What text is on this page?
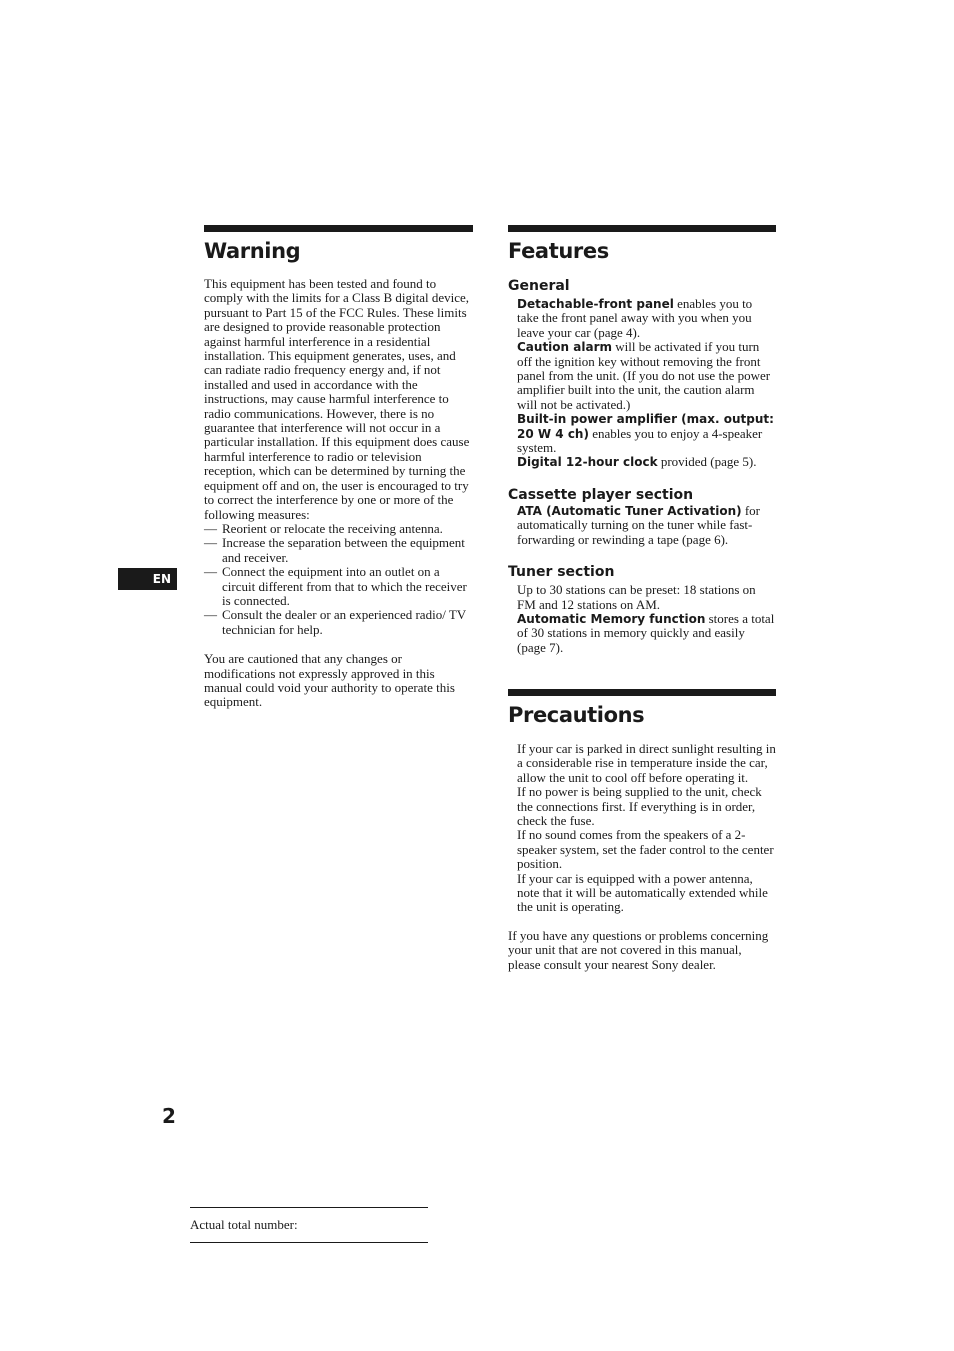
Warning

This equipment has been tested and found to comply with the limits for a Class B digital device, pursuant to Part 15 of the FCC Rules. These limits are designed to provide reasonable protection against harmful interference in a residential installation. This equipment generates, uses, and can radiate radio frequency energy and, if not installed and used in accordance with the instructions, may cause harmful interference to radio communications. However, there is no guarantee that interference will not occur in a particular installation. If this equipment does cause harmful interference to radio or television reception, which can be determined by turning the equipment off and on, the user is encouraged to try to correct the interference by one or more of the following measures:

— Reorient or relocate the receiving antenna.
— Increase the separation between the equipment and receiver.
— Connect the equipment into an outlet on a circuit different from that to which the receiver is connected.
— Consult the dealer or an experienced radio/ TV technician for help.

You are cautioned that any changes or modifications not expressly approved in this manual could void your authority to operate this equipment.

Features
General

Detachable-front panel enables you to take the front panel away with you when you leave your car (page 4).

Caution alarm will be activated if you turn off the ignition key without removing the front panel from the unit. (If you do not use the power amplifier built into the unit, the caution alarm will not be activated.)

Built-in power amplifier (max. output: 20 W 4 ch) enables you to enjoy a 4-speaker system.

Digital 12-hour clock provided (page 5).

Cassette player section

ATA (Automatic Tuner Activation) for automatically turning on the tuner while fast-forwarding or rewinding a tape (page 6).

Tuner section

Up to 30 stations can be preset: 18 stations on FM and 12 stations on AM.

Automatic Memory function stores a total of 30 stations in memory quickly and easily (page 7).

Precautions

If your car is parked in direct sunlight resulting in a considerable rise in temperature inside the car, allow the unit to cool off before operating it.

If no power is being supplied to the unit, check the connections first. If everything is in order, check the fuse.

If no sound comes from the speakers of a 2-speaker system, set the fader control to the center position.

If your car is equipped with a power antenna, note that it will be automatically extended while the unit is operating.

If you have any questions or problems concerning your unit that are not covered in this manual, please consult your nearest Sony dealer.

EN
2
Actual total number:
